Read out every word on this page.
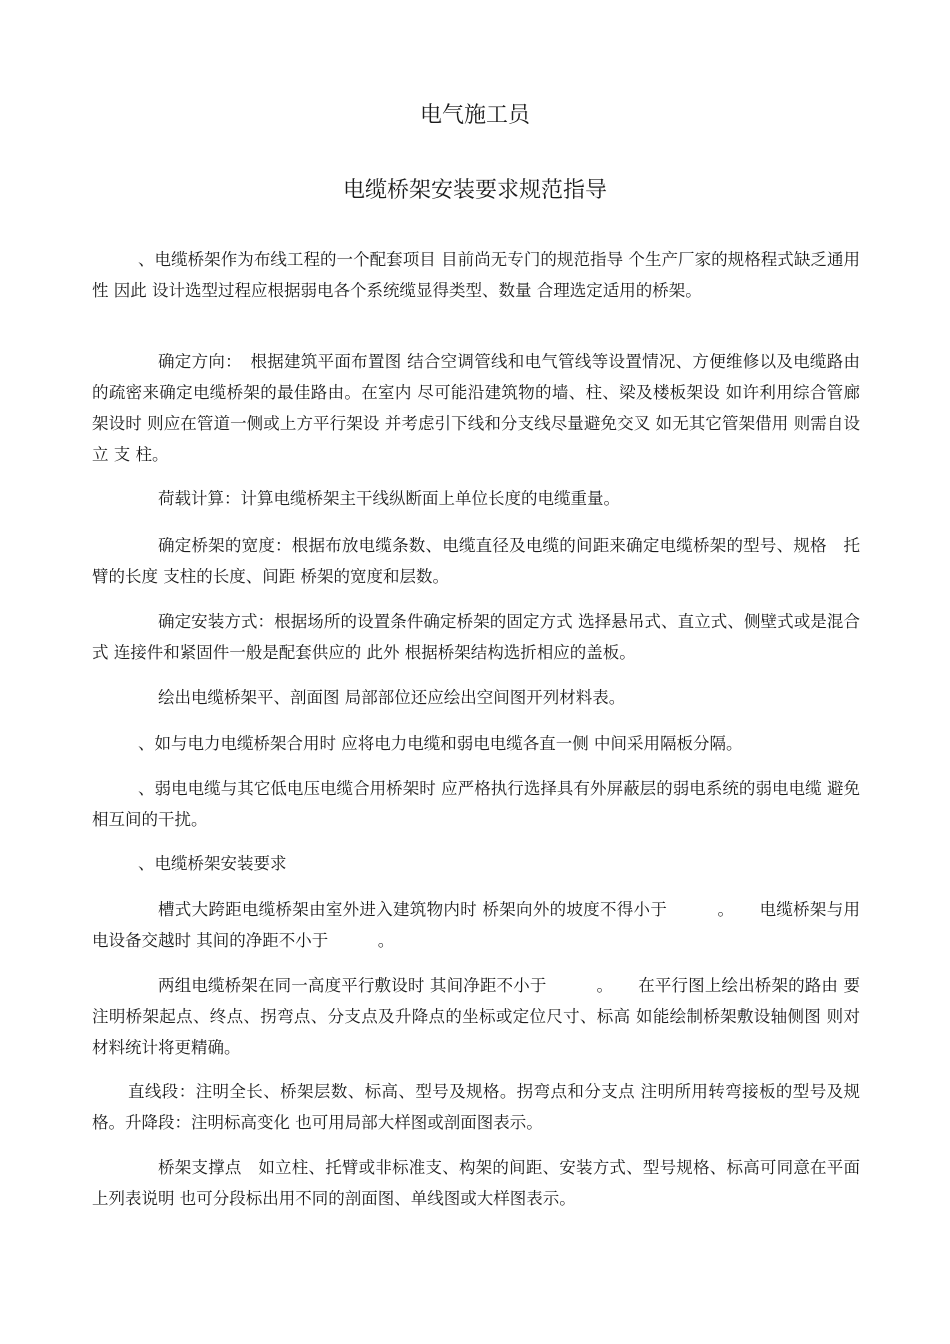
电气施工员
电缆桥架安装要求规范指导

、电缆桥架作为布线工程的一个配套项目 目前尚无专门的规范指导 个生产厂家的规格程式缺乏通用性 因此 设计选型过程应根据弱电各个系统缆显得类型、数量 合理选定适用的桥架。

确定方向：　根据建筑平面布置图 结合空调管线和电气管线等设置情况、方便维修以及电缆路由的疏密来确定电缆桥架的最佳路由。在室内 尽可能沿建筑物的墙、柱、梁及楼板架设 如许利用综合管廊架设时 则应在管道一侧或上方平行架设 并考虑引下线和分支线尽量避免交叉 如无其它管架借用 则需自设立 支 柱。

荷载计算：计算电缆桥架主干线纵断面上单位长度的电缆重量。

确定桥架的宽度：根据布放电缆条数、电缆直径及电缆的间距来确定电缆桥架的型号、规格　托臂的长度 支柱的长度、间距 桥架的宽度和层数。

确定安装方式：根据场所的设置条件确定桥架的固定方式 选择悬吊式、直立式、侧壁式或是混合式 连接件和紧固件一般是配套供应的 此外 根据桥架结构选折相应的盖板。

绘出电缆桥架平、剖面图 局部部位还应绘出空间图开列材料表。

、如与电力电缆桥架合用时 应将电力电缆和弱电电缆各直一侧 中间采用隔板分隔。

、弱电电缆与其它低电压电缆合用桥架时 应严格执行选择具有外屏蔽层的弱电系统的弱电电缆 避免相互间的干扰。

、电缆桥架安装要求

槽式大跨距电缆桥架由室外进入建筑物内时 桥架向外的坡度不得小于　　　。　　电缆桥架与用电设备交越时 其间的净距不小于　　　。

两组电缆桥架在同一高度平行敷设时 其间净距不小于　　　。　　在平行图上绘出桥架的路由 要注明桥架起点、终点、拐弯点、分支点及升降点的坐标或定位尺寸、标高 如能绘制桥架敷设轴侧图 则对材料统计将更精确。

直线段：注明全长、桥架层数、标高、型号及规格。拐弯点和分支点 注明所用转弯接板的型号及规格。升降段：注明标高变化 也可用局部大样图或剖面图表示。

桥架支撑点　如立柱、托臂或非标准支、构架的间距、安装方式、型号规格、标高可同意在平面上列表说明 也可分段标出用不同的剖面图、单线图或大样图表示。
